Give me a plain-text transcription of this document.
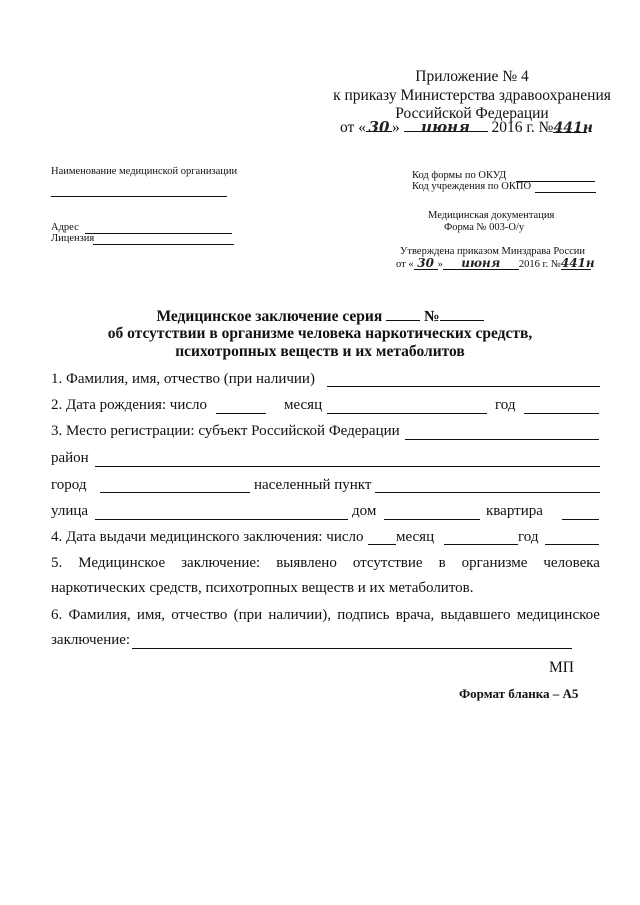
Приложение № 4
к приказу Министерства здравоохранения
Российской Федерации
от « 30 » июня 2016 г. №441н
Наименование медицинской организации
Адрес
Лицензия
Код формы по ОКУД
Код учреждения по ОКПО
Медицинская документация
Форма № 003-О/у
Утверждена приказом Минздрава России
от « 30 » июня 2016 г. №441н
Медицинское заключение серия	№
об отсутствии в организме человека наркотических средств,
психотропных веществ и их метаболитов
1. Фамилия, имя, отчество (при наличии)
2. Дата рождения: число	месяц	год
3. Место регистрации: субъект Российской Федерации
район
город	населенный пункт
улица	дом	квартира
4. Дата выдачи медицинского заключения: число месяц	год
5. Медицинское заключение: выявлено отсутствие в организме человека
наркотических средств, психотропных веществ и их метаболитов.
6. Фамилия, имя, отчество (при наличии), подпись врача, выдавшего медицинское
заключение:
МП
Формат бланка – А5
